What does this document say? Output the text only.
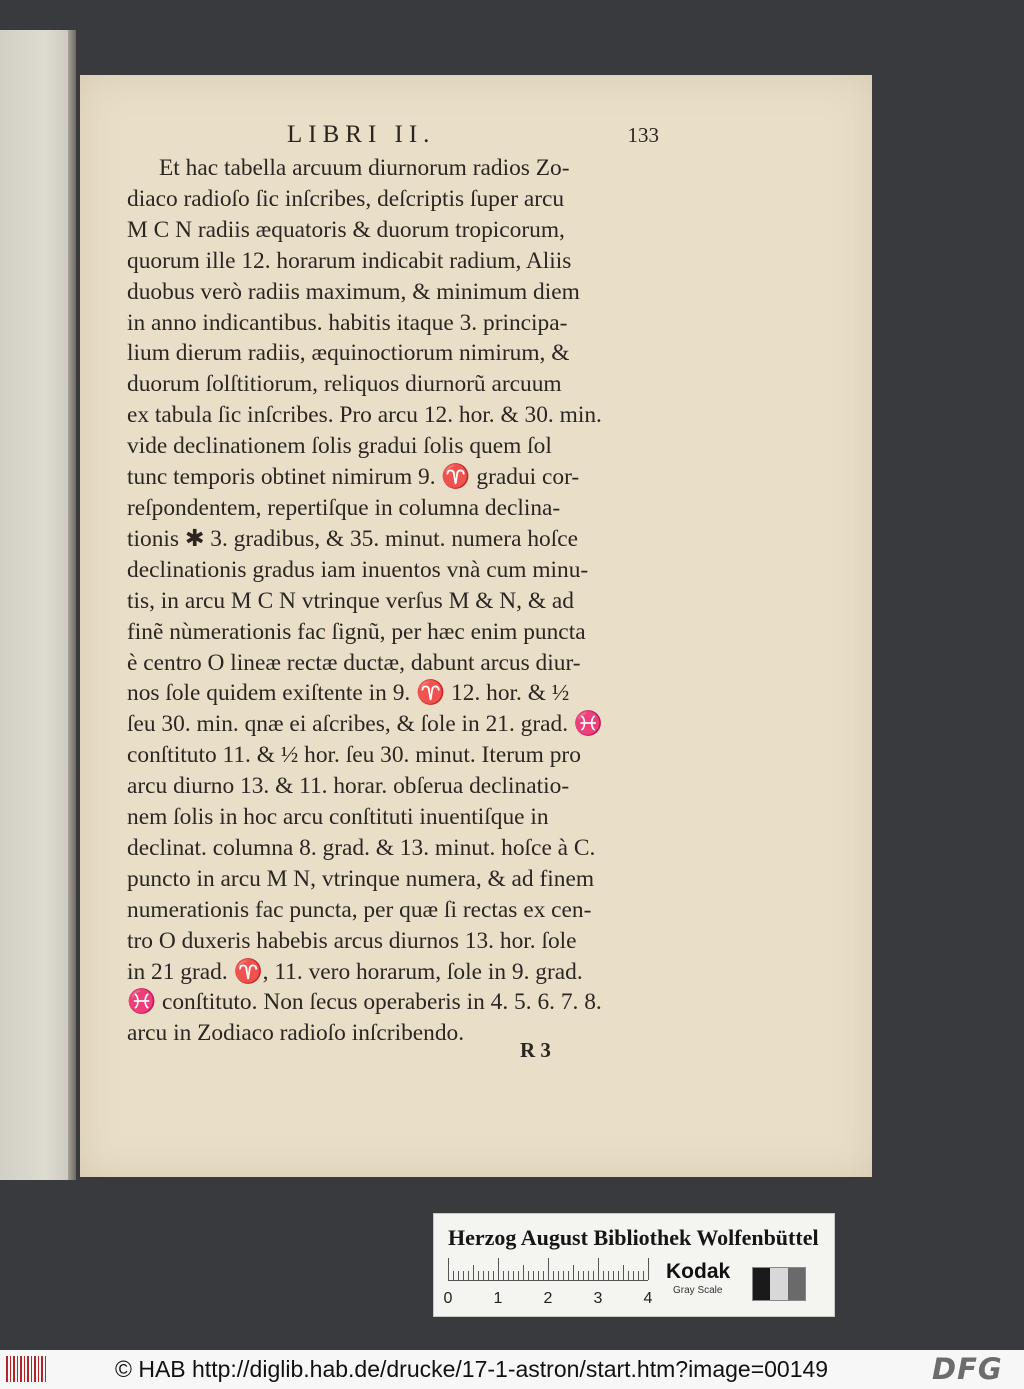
LIBRI II.	133
Et hac tabella arcuum diurnorum radios Zo-
diaco radioſo ſic inſcribes, deſcriptis ſuper arcu
M C N radiis æquatoris & duorum tropicorum,
quorum ille 12. horarum indicabit radium, Aliis
duobus verò radiis maximum, & minimum diem
in anno indicantibus. habitis itaque 3. principa-
lium dierum radiis, æquinoctiorum nimirum, &
duorum ſolſtitiorum, reliquos diurnorũ arcuum
ex tabula ſic inſcribes. Pro arcu 12. hor. & 30. min.
vide declinationem ſolis gradui ſolis quem ſol
tunc temporis obtinet nimirum 9. ♈ gradui cor-
reſpondentem, repertiſque in columna declina-
tionis ✱ 3. gradibus, & 35. minut. numera hoſce
declinationis gradus iam inuentos vnà cum minu-
tis, in arcu M C N vtrinque verſus M & N, & ad
finẽ nùmerationis fac ſignũ, per hæc enim puncta
è centro O lineæ rectæ ductæ, dabunt arcus diur-
nos ſole quidem exiſtente in 9. ♈ 12. hor. & ½
ſeu 30. min. qnæ ei aſcribes, & ſole in 21. grad. ♓
conſtituto 11. & ½ hor. ſeu 30. minut. Iterum pro
arcu diurno 13. & 11. horar. obſerua declinatio-
nem ſolis in hoc arcu conſtituti inuentiſque in
declinat. columna 8. grad. & 13. minut. hoſce à C.
puncto in arcu M N, vtrinque numera, & ad finem
numerationis fac puncta, per quæ ſi rectas ex cen-
tro O duxeris habebis arcus diurnos 13. hor. ſole
in 21 grad. ♈, 11. vero horarum, ſole in 9. grad.
♓ conſtituto. Non ſecus operaberis in 4. 5. 6. 7. 8.
arcu in Zodiaco radioſo inſcribendo.
R 3
Herzog August Bibliothek Wolfenbüttel
0	1	2	3	4
Kodak
Gray Scale
© HAB http://diglib.hab.de/drucke/17-1-astron/start.htm?image=00149	DFG
